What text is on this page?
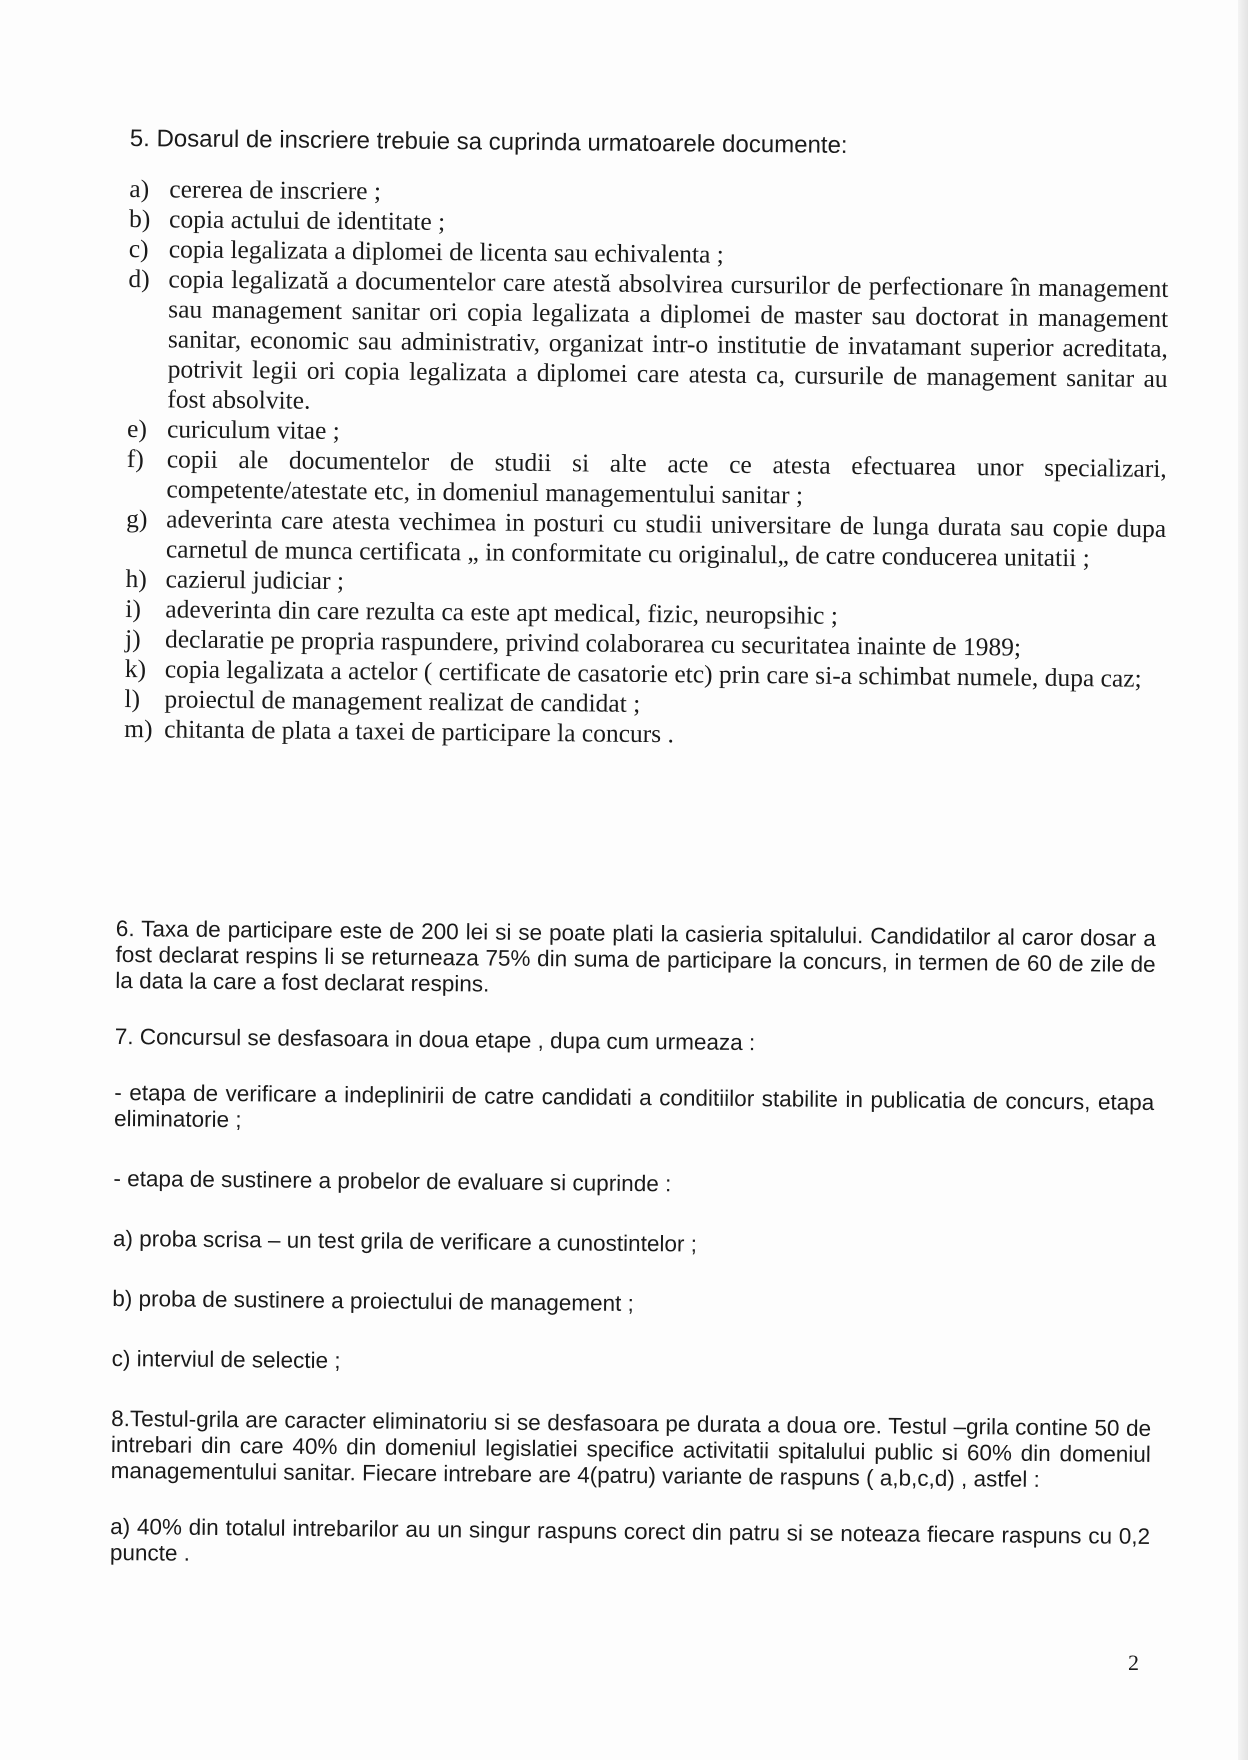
5. Dosarul de inscriere trebuie sa cuprinda urmatoarele documente:

a) cererea de inscriere ;
b) copia actului de identitate ;
c) copia legalizata a diplomei de licenta sau echivalenta ;
d) copia legalizată a documentelor care atestă absolvirea cursurilor de perfectionare în management sau management sanitar ori copia legalizata a diplomei de master sau doctorat in management sanitar, economic sau administrativ, organizat intr-o institutie de invatamant superior acreditata, potrivit legii ori copia legalizata a diplomei care atesta ca, cursurile de management sanitar au fost absolvite.
e) curiculum vitae ;
f) copii ale documentelor de studii si alte acte ce atesta efectuarea unor specializari, competente/atestate etc, in domeniul managementului sanitar ;
g) adeverinta care atesta vechimea in posturi cu studii universitare de lunga durata sau copie dupa carnetul de munca certificata „ in conformitate cu originalul„ de catre conducerea unitatii ;
h) cazierul judiciar ;
i) adeverinta din care rezulta ca este apt medical, fizic, neuropsihic ;
j) declaratie pe propria raspundere, privind colaborarea cu securitatea inainte de 1989;
k) copia legalizata a actelor ( certificate de casatorie etc) prin care si-a schimbat numele, dupa caz;
l) proiectul de management realizat de candidat ;
m) chitanta de plata a taxei de participare la concurs .

6. Taxa de participare este de 200 lei si se poate plati la casieria spitalului. Candidatilor al caror dosar a fost declarat respins li se returneaza 75% din suma de participare la concurs, in termen de 60 de zile de la data la care a fost declarat respins.

7. Concursul se desfasoara in doua etape , dupa cum urmeaza :

- etapa de verificare a indeplinirii de catre candidati a conditiilor stabilite in publicatia de concurs, etapa eliminatorie ;

- etapa de sustinere a probelor de evaluare si cuprinde :

a) proba scrisa – un test grila de verificare a cunostintelor ;

b) proba de sustinere a proiectului de management ;

c) interviul de selectie ;

8.Testul-grila are caracter eliminatoriu si se desfasoara pe durata a doua ore. Testul –grila contine 50 de intrebari din care 40% din domeniul legislatiei specifice activitatii spitalului public si 60% din domeniul managementului sanitar. Fiecare intrebare are 4(patru) variante de raspuns ( a,b,c,d) , astfel :

a) 40% din totalul intrebarilor au un singur raspuns corect din patru si se noteaza fiecare raspuns cu 0,2 puncte .

2
